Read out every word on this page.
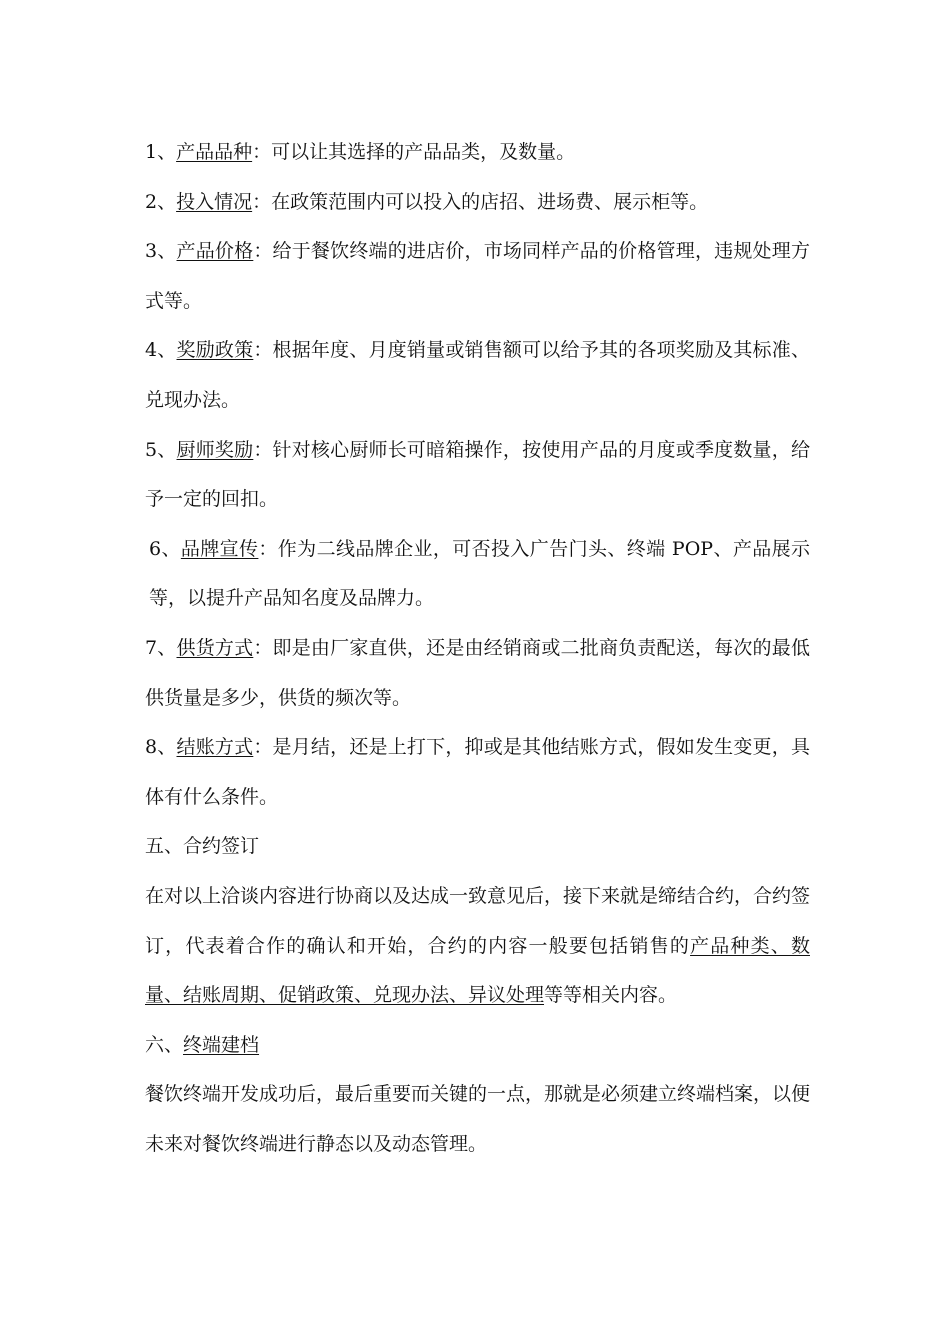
1、产品品种：可以让其选择的产品品类，及数量。

2、投入情况：在政策范围内可以投入的店招、进场费、展示柜等。

3、产品价格：给于餐饮终端的进店价，市场同样产品的价格管理，违规处理方式等。

4、奖励政策：根据年度、月度销量或销售额可以给予其的各项奖励及其标准、兑现办法。

5、厨师奖励：针对核心厨师长可暗箱操作，按使用产品的月度或季度数量，给予一定的回扣。

6、品牌宣传：作为二线品牌企业，可否投入广告门头、终端 POP、产品展示等，以提升产品知名度及品牌力。

7、供货方式：即是由厂家直供，还是由经销商或二批商负责配送，每次的最低供货量是多少，供货的频次等。

8、结账方式：是月结，还是上打下，抑或是其他结账方式，假如发生变更，具体有什么条件。

五、合约签订

在对以上洽谈内容进行协商以及达成一致意见后，接下来就是缔结合约，合约签订，代表着合作的确认和开始，合约的内容一般要包括销售的产品种类、数量、结账周期、促销政策、兑现办法、异议处理等等相关内容。

六、终端建档

餐饮终端开发成功后，最后重要而关键的一点，那就是必须建立终端档案，以便未来对餐饮终端进行静态以及动态管理。
